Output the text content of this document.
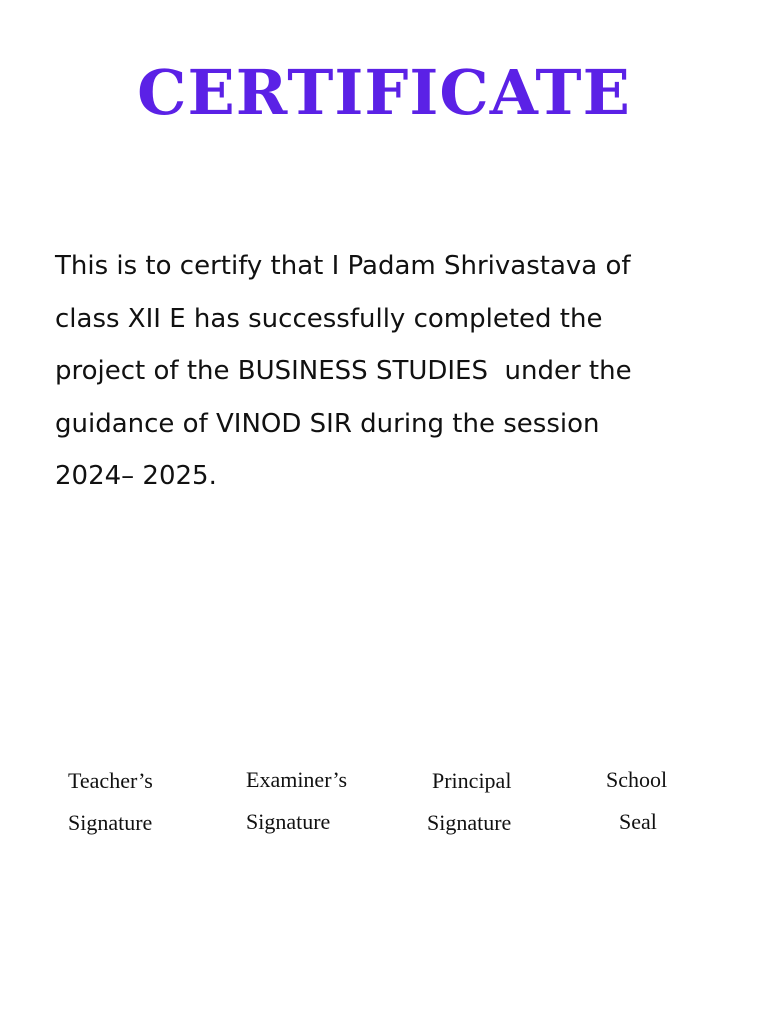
CERTIFICATE
This is to certify that I Padam Shrivastava of
class XII E has successfully completed the
project of the BUSINESS STUDIES  under the
guidance of VINOD SIR during the session
2024– 2025.
Teacher’s
Signature
Examiner’s
Signature
Principal
Signature
School
Seal
